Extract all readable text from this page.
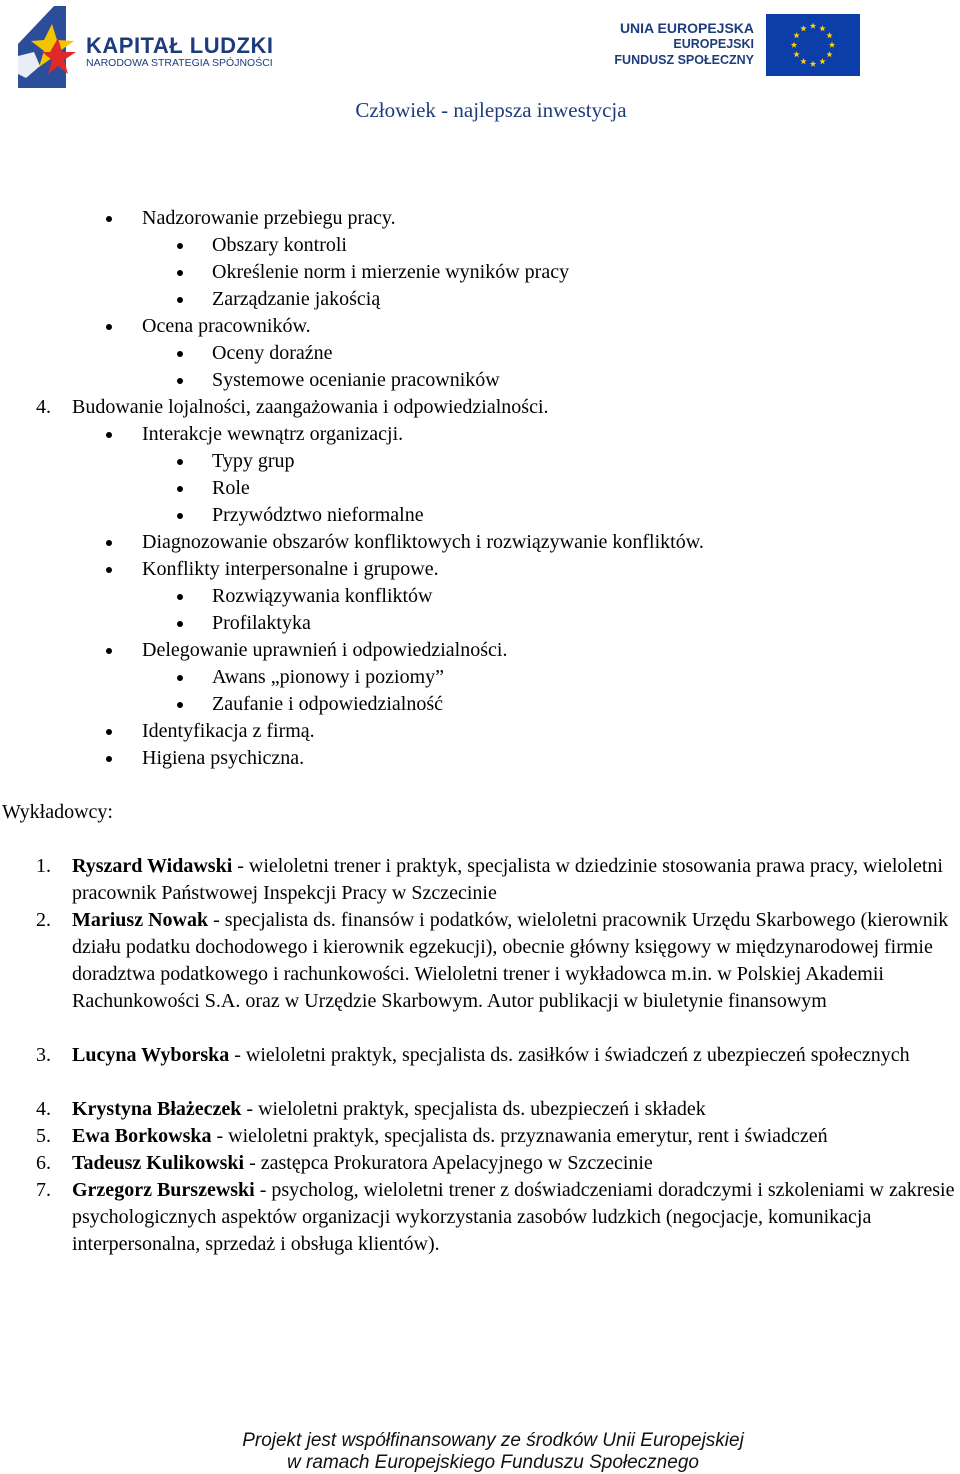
KAPITAŁ LUDZKI
NARODOWA STRATEGIA SPÓJNOŚCI
UNIA EUROPEJSKA
EUROPEJSKI
FUNDUSZ SPOŁECZNY
Człowiek - najlepsza inwestycja
Nadzorowanie przebiegu pracy.
Obszary kontroli
Określenie norm i mierzenie wyników pracy
Zarządzanie jakością
Ocena pracowników.
Oceny doraźne
Systemowe ocenianie pracowników
4. Budowanie lojalności, zaangażowania i odpowiedzialności.
Interakcje wewnątrz organizacji.
Typy grup
Role
Przywództwo nieformalne
Diagnozowanie obszarów konfliktowych i rozwiązywanie konfliktów.
Konflikty interpersonalne i grupowe.
Rozwiązywania konfliktów
Profilaktyka
Delegowanie uprawnień i odpowiedzialności.
Awans „pionowy i poziomy”
Zaufanie i odpowiedzialność
Identyfikacja z firmą.
Higiena psychiczna.
Wykładowcy:
1. Ryszard Widawski - wieloletni trener i praktyk, specjalista w dziedzinie stosowania prawa pracy, wieloletni pracownik Państwowej Inspekcji Pracy w Szczecinie
2. Mariusz Nowak - specjalista ds. finansów i podatków, wieloletni pracownik Urzędu Skarbowego (kierownik działu podatku dochodowego i kierownik egzekucji), obecnie główny księgowy w międzynarodowej firmie doradztwa podatkowego i rachunkowości. Wieloletni trener i wykładowca m.in. w Polskiej Akademii Rachunkowości S.A. oraz w Urzędzie Skarbowym. Autor publikacji w biuletynie finansowym
3. Lucyna Wyborska - wieloletni praktyk, specjalista ds. zasiłków i świadczeń z ubezpieczeń społecznych
4. Krystyna Błażeczek - wieloletni praktyk, specjalista ds. ubezpieczeń i składek
5. Ewa Borkowska - wieloletni praktyk, specjalista ds. przyznawania emerytur, rent i świadczeń
6. Tadeusz Kulikowski - zastępca Prokuratora Apelacyjnego w Szczecinie
7. Grzegorz Burszewski - psycholog, wieloletni trener z doświadczeniami doradczymi i szkoleniami w zakresie psychologicznych aspektów organizacji wykorzystania zasobów ludzkich (negocjacje, komunikacja interpersonalna, sprzedaż i obsługa klientów).
Projekt jest współfinansowany ze środków Unii Europejskiej
w ramach Europejskiego Funduszu Społecznego
